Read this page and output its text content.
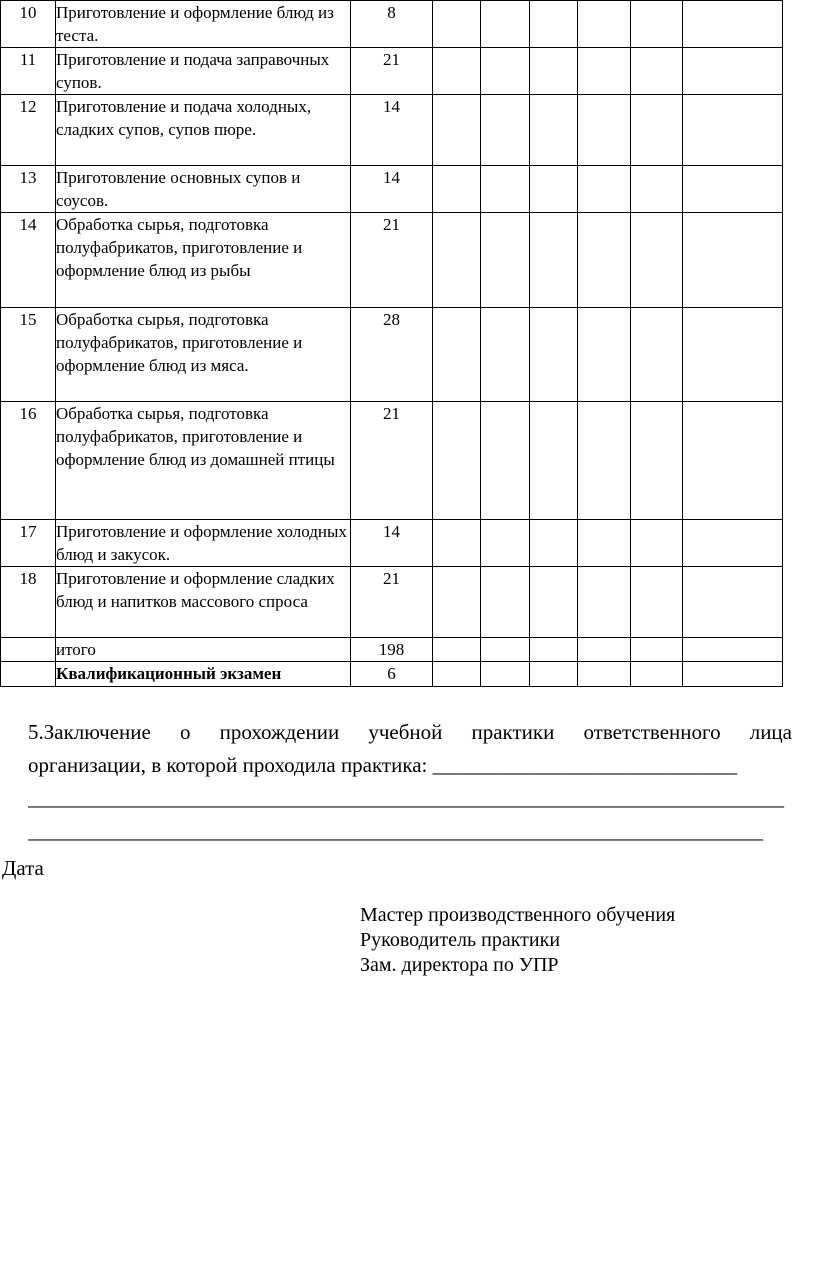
10	Приготовление и оформление блюд из теста.	8						
11	Приготовление и подача заправочных супов.	21						
12	Приготовление и подача холодных, сладких супов, супов пюре.	14						
13	Приготовление основных супов и соусов.	14						
14	Обработка сырья, подготовка полуфабрикатов, приготовление и оформление блюд из рыбы	21						
15	Обработка сырья, подготовка полуфабрикатов, приготовление и оформление блюд из мяса.	28						
16	Обработка сырья, подготовка полуфабрикатов, приготовление и оформление блюд из домашней птицы	21						
17	Приготовление и оформление холодных блюд и закусок.	14						
18	Приготовление и оформление сладких блюд и напитков массового спроса	21						
	итого	198						
	Квалификационный экзамен	6						
5.Заключение о прохождении учебной практики ответственного лица
организации, в которой проходила практика: _____________________________
________________________________________________________________________
______________________________________________________________________
Дата
Мастер производственного обучения
Руководитель практики
Зам. директора по УПР
